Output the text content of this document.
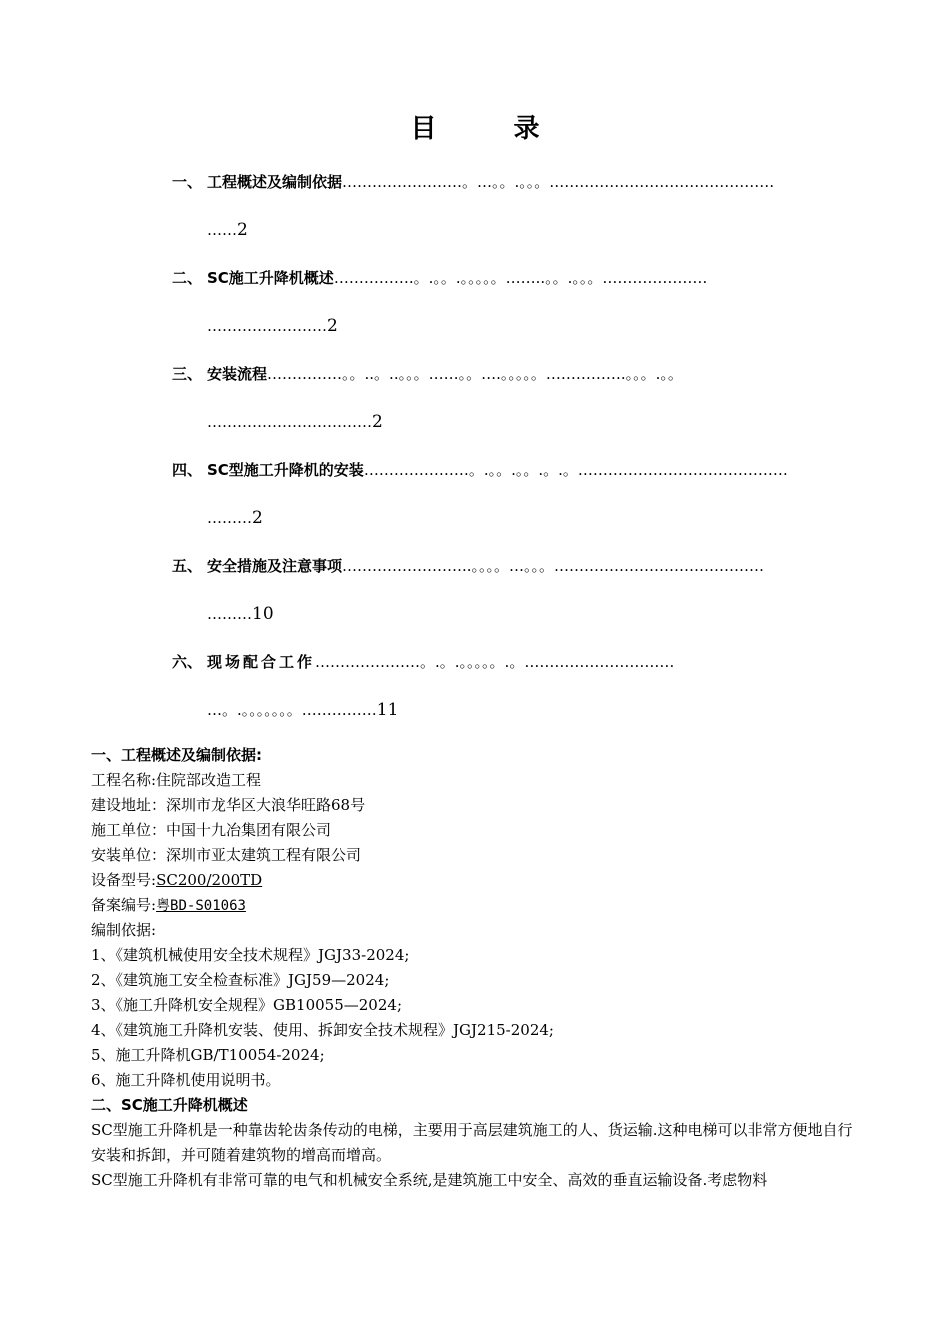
目 录
一、 工程概述及编制依据……………………。…。。.。。。………………………………………
……2
二、 SC施工升降机概述…………….。.。。.。。。。。……..。。.。。。…………………
……………………2
三、 安装流程……………。。..。..。。。……。。….。。。。。…………….。。。.。。
……………………………2
四、 SC型施工升降机的安装…………………。.。。.。。.。.。……………………………………
………2
五、 安全措施及注意事项……………………..。。。。…。。。……………………………………
………10
六、 现场配合工作…………………。.。.。。。。。.。…………………………
…。.。。。。。。。……………11
一、工程概述及编制依据:
工程名称:住院部改造工程
建设地址：深圳市龙华区大浪华旺路68号
施工单位：中国十九冶集团有限公司
安装单位：深圳市亚太建筑工程有限公司
设备型号:SC200/200TD
备案编号:粤BD-S01063
编制依据:
1、《建筑机械使用安全技术规程》JGJ33-2024;
2、《建筑施工安全检查标准》JGJ59—2024;
3、《施工升降机安全规程》GB10055—2024;
4、《建筑施工升降机安装、使用、拆卸安全技术规程》JGJ215-2024;
5、施工升降机GB/T10054-2024;
6、施工升降机使用说明书。
二、SC施工升降机概述
SC型施工升降机是一种靠齿轮齿条传动的电梯，主要用于高层建筑施工的人、货运输.这种电梯可以非常方便地自行安装和拆卸，并可随着建筑物的增高而增高。
SC型施工升降机有非常可靠的电气和机械安全系统,是建筑施工中安全、高效的垂直运输设备.考虑物料
